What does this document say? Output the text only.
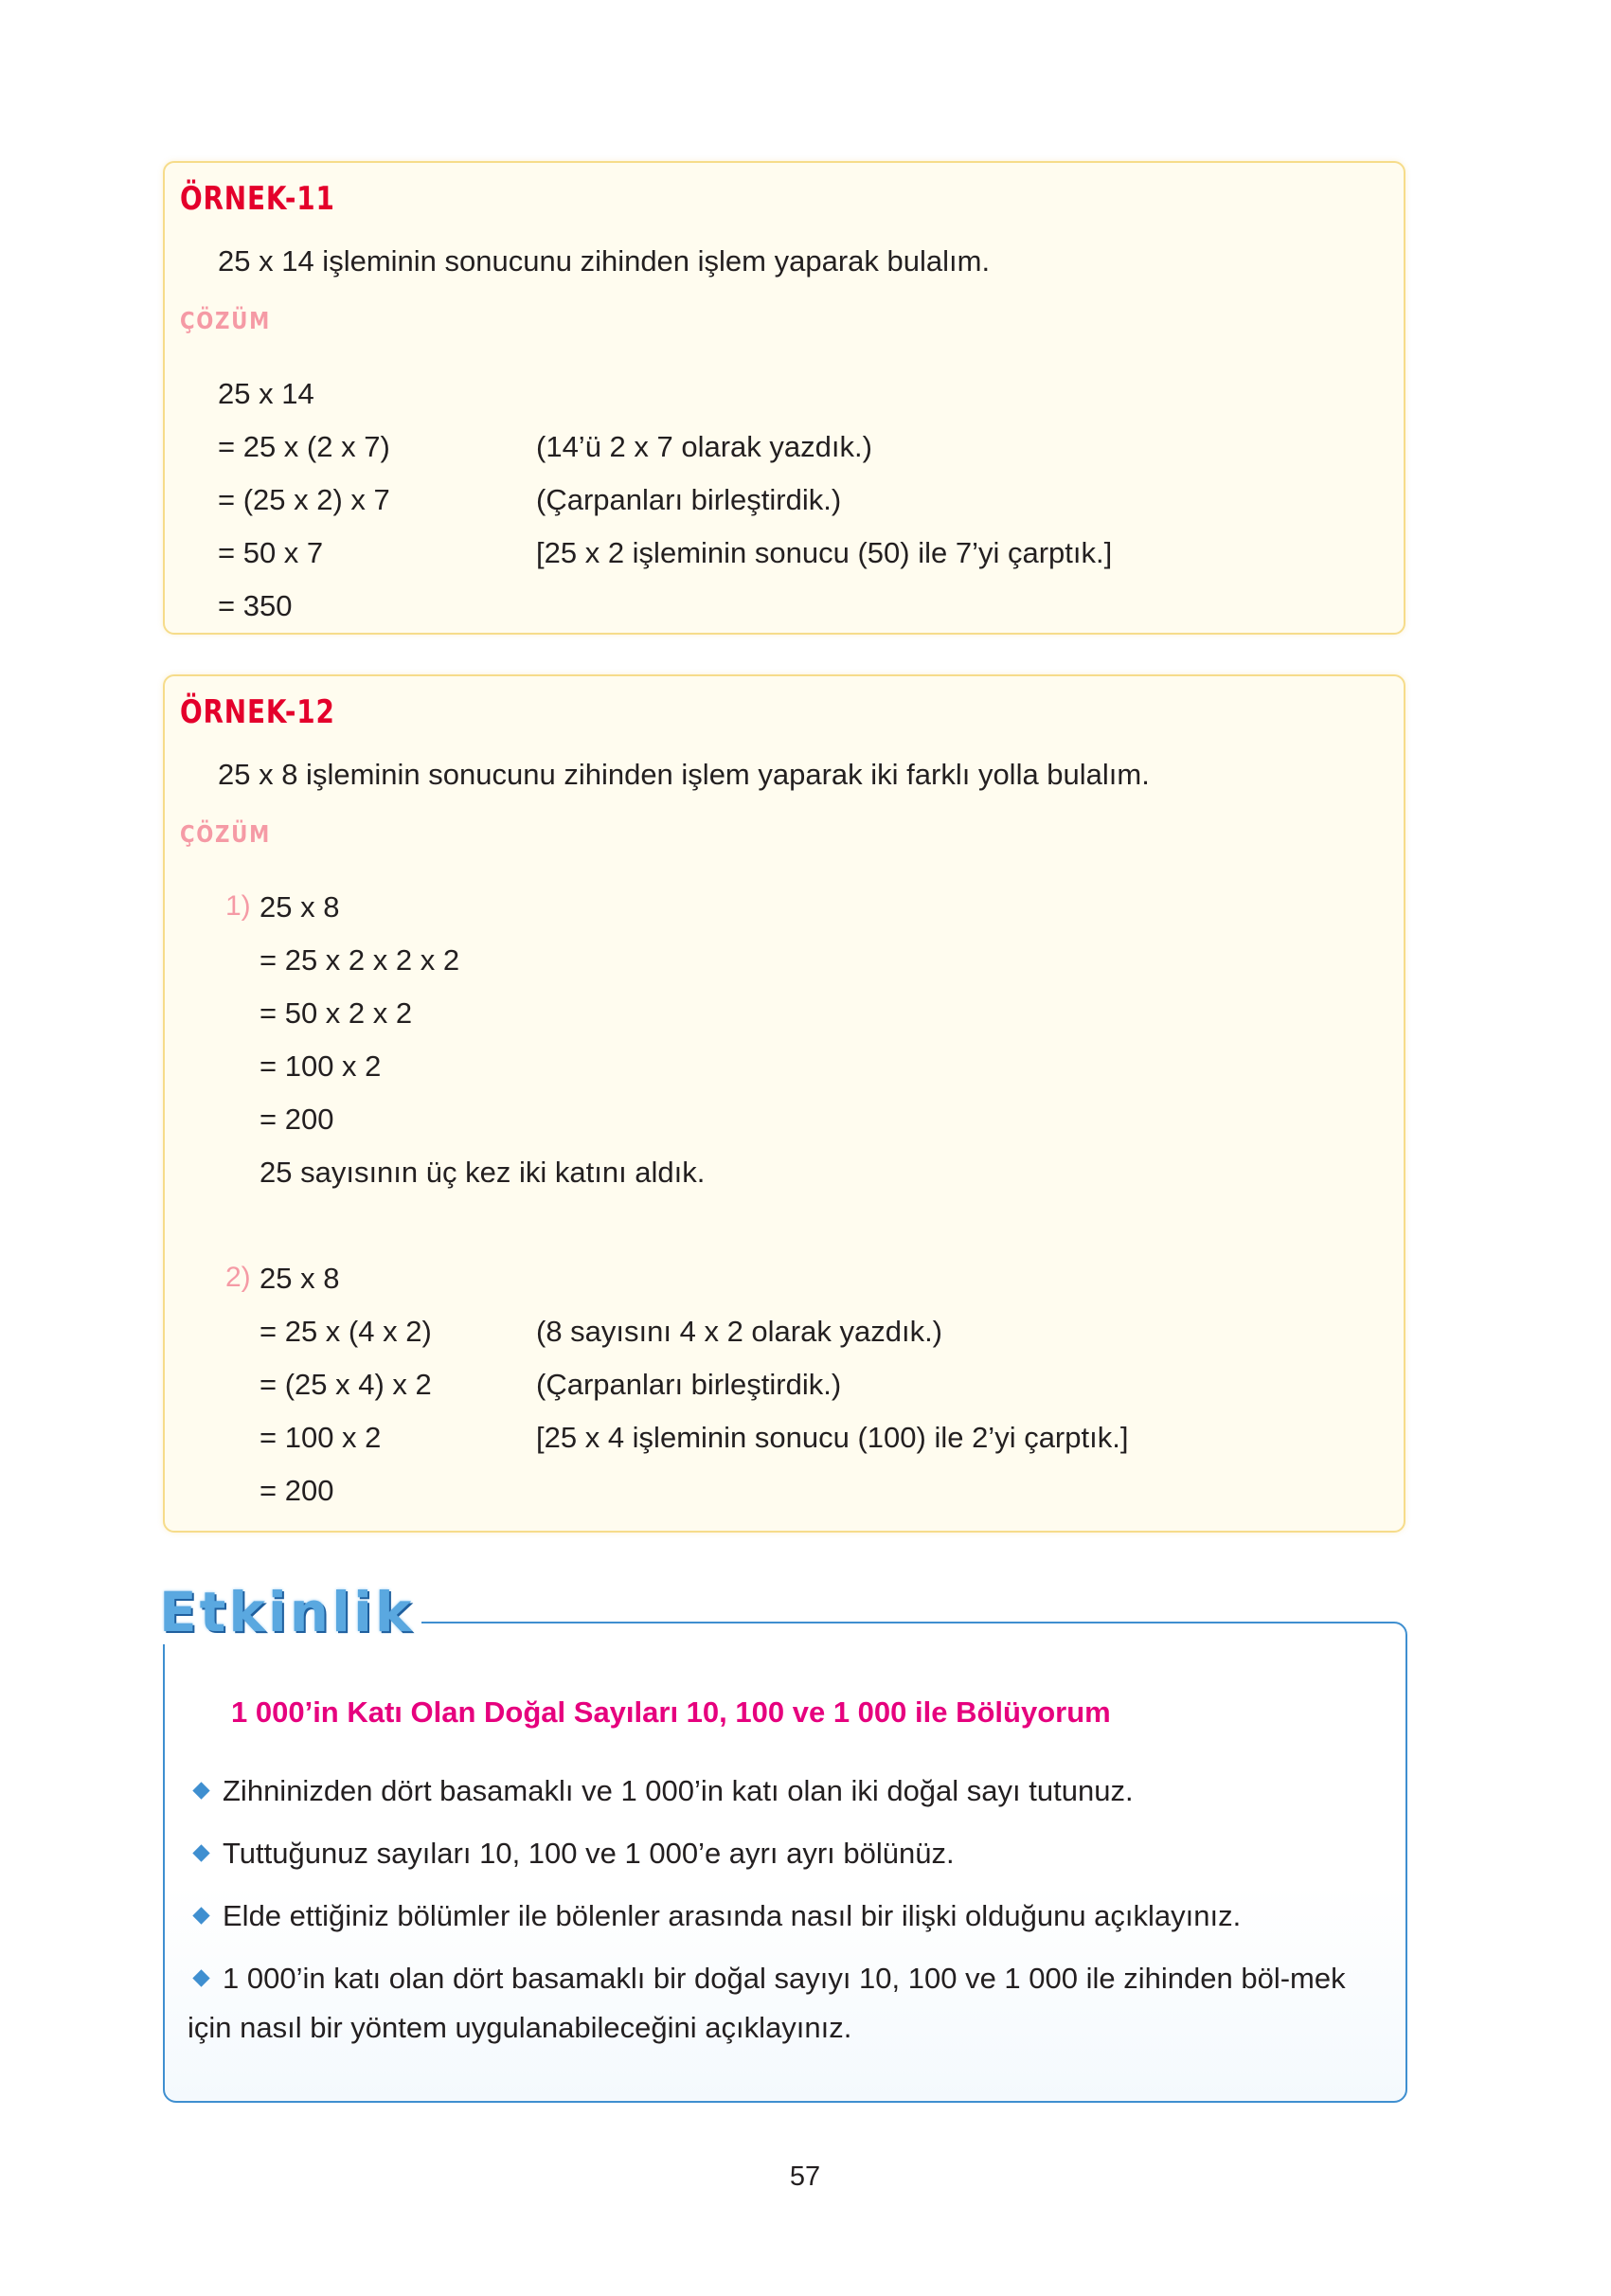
ÖRNEK-11
25 x 14 işleminin sonucunu zihinden işlem yaparak bulalım.
ÇÖZÜM
25 x 14
= 25 x (2 x 7)	(14’ü 2 x 7 olarak yazdık.)
= (25 x 2) x 7	(Çarpanları birleştirdik.)
= 50 x 7	[25 x 2 işleminin sonucu (50) ile 7’yi çarptık.]
= 350
ÖRNEK-12
25 x 8 işleminin sonucunu zihinden işlem yaparak iki farklı yolla bulalım.
ÇÖZÜM
1) 25 x 8
= 25 x 2 x 2 x 2
= 50 x 2 x 2
= 100 x 2
= 200
25 sayısının üç kez iki katını aldık.
2) 25 x 8
= 25 x (4 x 2)	(8 sayısını 4 x 2 olarak yazdık.)
= (25 x 4) x 2	(Çarpanları birleştirdik.)
= 100 x 2	[25 x 4 işleminin sonucu (100) ile 2’yi çarptık.]
= 200
Etkinlik
1 000’in Katı Olan Doğal Sayıları 10, 100 ve 1 000 ile Bölüyorum
Zihninizden dört basamaklı ve 1 000’in katı olan iki doğal sayı tutunuz.
Tuttuğunuz sayıları 10, 100 ve 1 000’e ayrı ayrı bölünüz.
Elde ettiğiniz bölümler ile bölenler arasında nasıl bir ilişki olduğunu açıklayınız.
1 000’in katı olan dört basamaklı bir doğal sayıyı 10, 100 ve 1 000 ile zihinden böl-mek için nasıl bir yöntem uygulanabileceğini açıklayınız.
57
